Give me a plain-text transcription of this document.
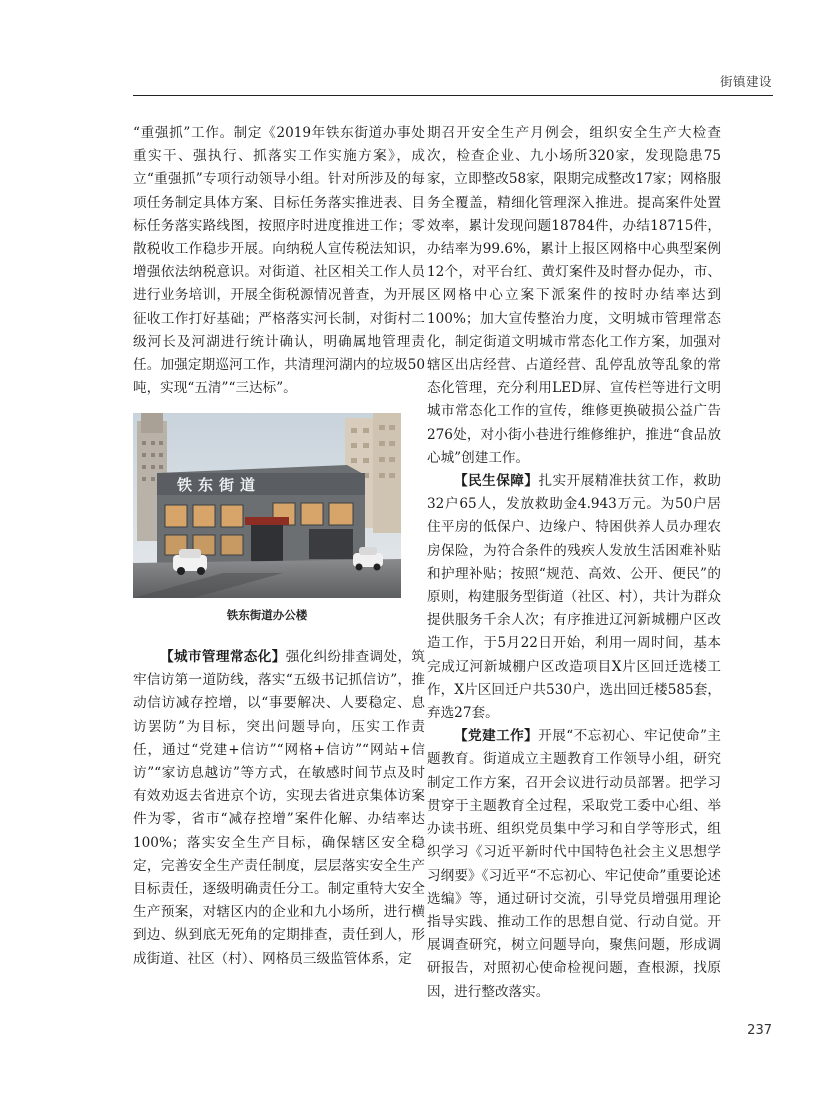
街镇建设

“重强抓”工作。制定《2019年铁东街道办事处重实干、强执行、抓落实工作实施方案》，成立“重强抓”专项行动领导小组。针对所涉及的每项任务制定具体方案、目标任务落实推进表、目标任务落实路线图，按照序时进度推进工作；零散税收工作稳步开展。向纳税人宣传税法知识，增强依法纳税意识。对街道、社区相关工作人员进行业务培训，开展全街税源情况普查，为开展征收工作打好基础；严格落实河长制，对街村二级河长及河湖进行统计确认，明确属地管理责任。加强定期巡河工作，共清理河湖内的垃圾50吨，实现“五清”“三达标”。

铁东街道
铁东街道办公楼

【城市管理常态化】强化纠纷排查调处，筑牢信访第一道防线，落实“五级书记抓信访”，推动信访减存控增，以“事要解决、人要稳定、息访罢防”为目标，突出问题导向，压实工作责任，通过“党建+信访”“网格+信访”“网站+信访”“家访息越访”等方式，在敏感时间节点及时有效劝返去省进京个访，实现去省进京集体访案件为零，省市“减存控增”案件化解、办结率达100%；落实安全生产目标，确保辖区安全稳定，完善安全生产责任制度，层层落实安全生产目标责任，逐级明确责任分工。制定重特大安全生产预案，对辖区内的企业和九小场所，进行横到边、纵到底无死角的定期排查，责任到人，形成街道、社区（村）、网格员三级监管体系，定

期召开安全生产月例会，组织安全生产大检查次，检查企业、九小场所320家，发现隐患75家，立即整改58家，限期完成整改17家；网格服务全覆盖，精细化管理深入推进。提高案件处置效率，累计发现问题18784件，办结18715件，办结率为99.6%，累计上报区网格中心典型案例12个，对平台红、黄灯案件及时督办促办，市、区网格中心立案下派案件的按时办结率达到100%；加大宣传整治力度，文明城市管理常态化，制定街道文明城市常态化工作方案，加强对辖区出店经营、占道经营、乱停乱放等乱象的常态化管理，充分利用LED屏、宣传栏等进行文明城市常态化工作的宣传，维修更换破损公益广告276处，对小街小巷进行维修维护，推进“食品放心城”创建工作。

【民生保障】扎实开展精准扶贫工作，救助32户65人，发放救助金4.943万元。为50户居住平房的低保户、边缘户、特困供养人员办理农房保险，为符合条件的残疾人发放生活困难补贴和护理补贴；按照“规范、高效、公开、便民”的原则，构建服务型街道（社区、村），共计为群众提供服务千余人次；有序推进辽河新城棚户区改造工作，于5月22日开始，利用一周时间，基本完成辽河新城棚户区改造项目X片区回迁选楼工作，X片区回迁户共530户，选出回迁楼585套，弃选27套。

【党建工作】开展“不忘初心、牢记使命”主题教育。街道成立主题教育工作领导小组，研究制定工作方案，召开会议进行动员部署。把学习贯穿于主题教育全过程，采取党工委中心组、举办读书班、组织党员集中学习和自学等形式，组织学习《习近平新时代中国特色社会主义思想学习纲要》《习近平“不忘初心、牢记使命”重要论述选编》等，通过研讨交流，引导党员增强用理论指导实践、推动工作的思想自觉、行动自觉。开展调查研究，树立问题导向，聚焦问题，形成调研报告，对照初心使命检视问题，查根源，找原因，进行整改落实。

237
